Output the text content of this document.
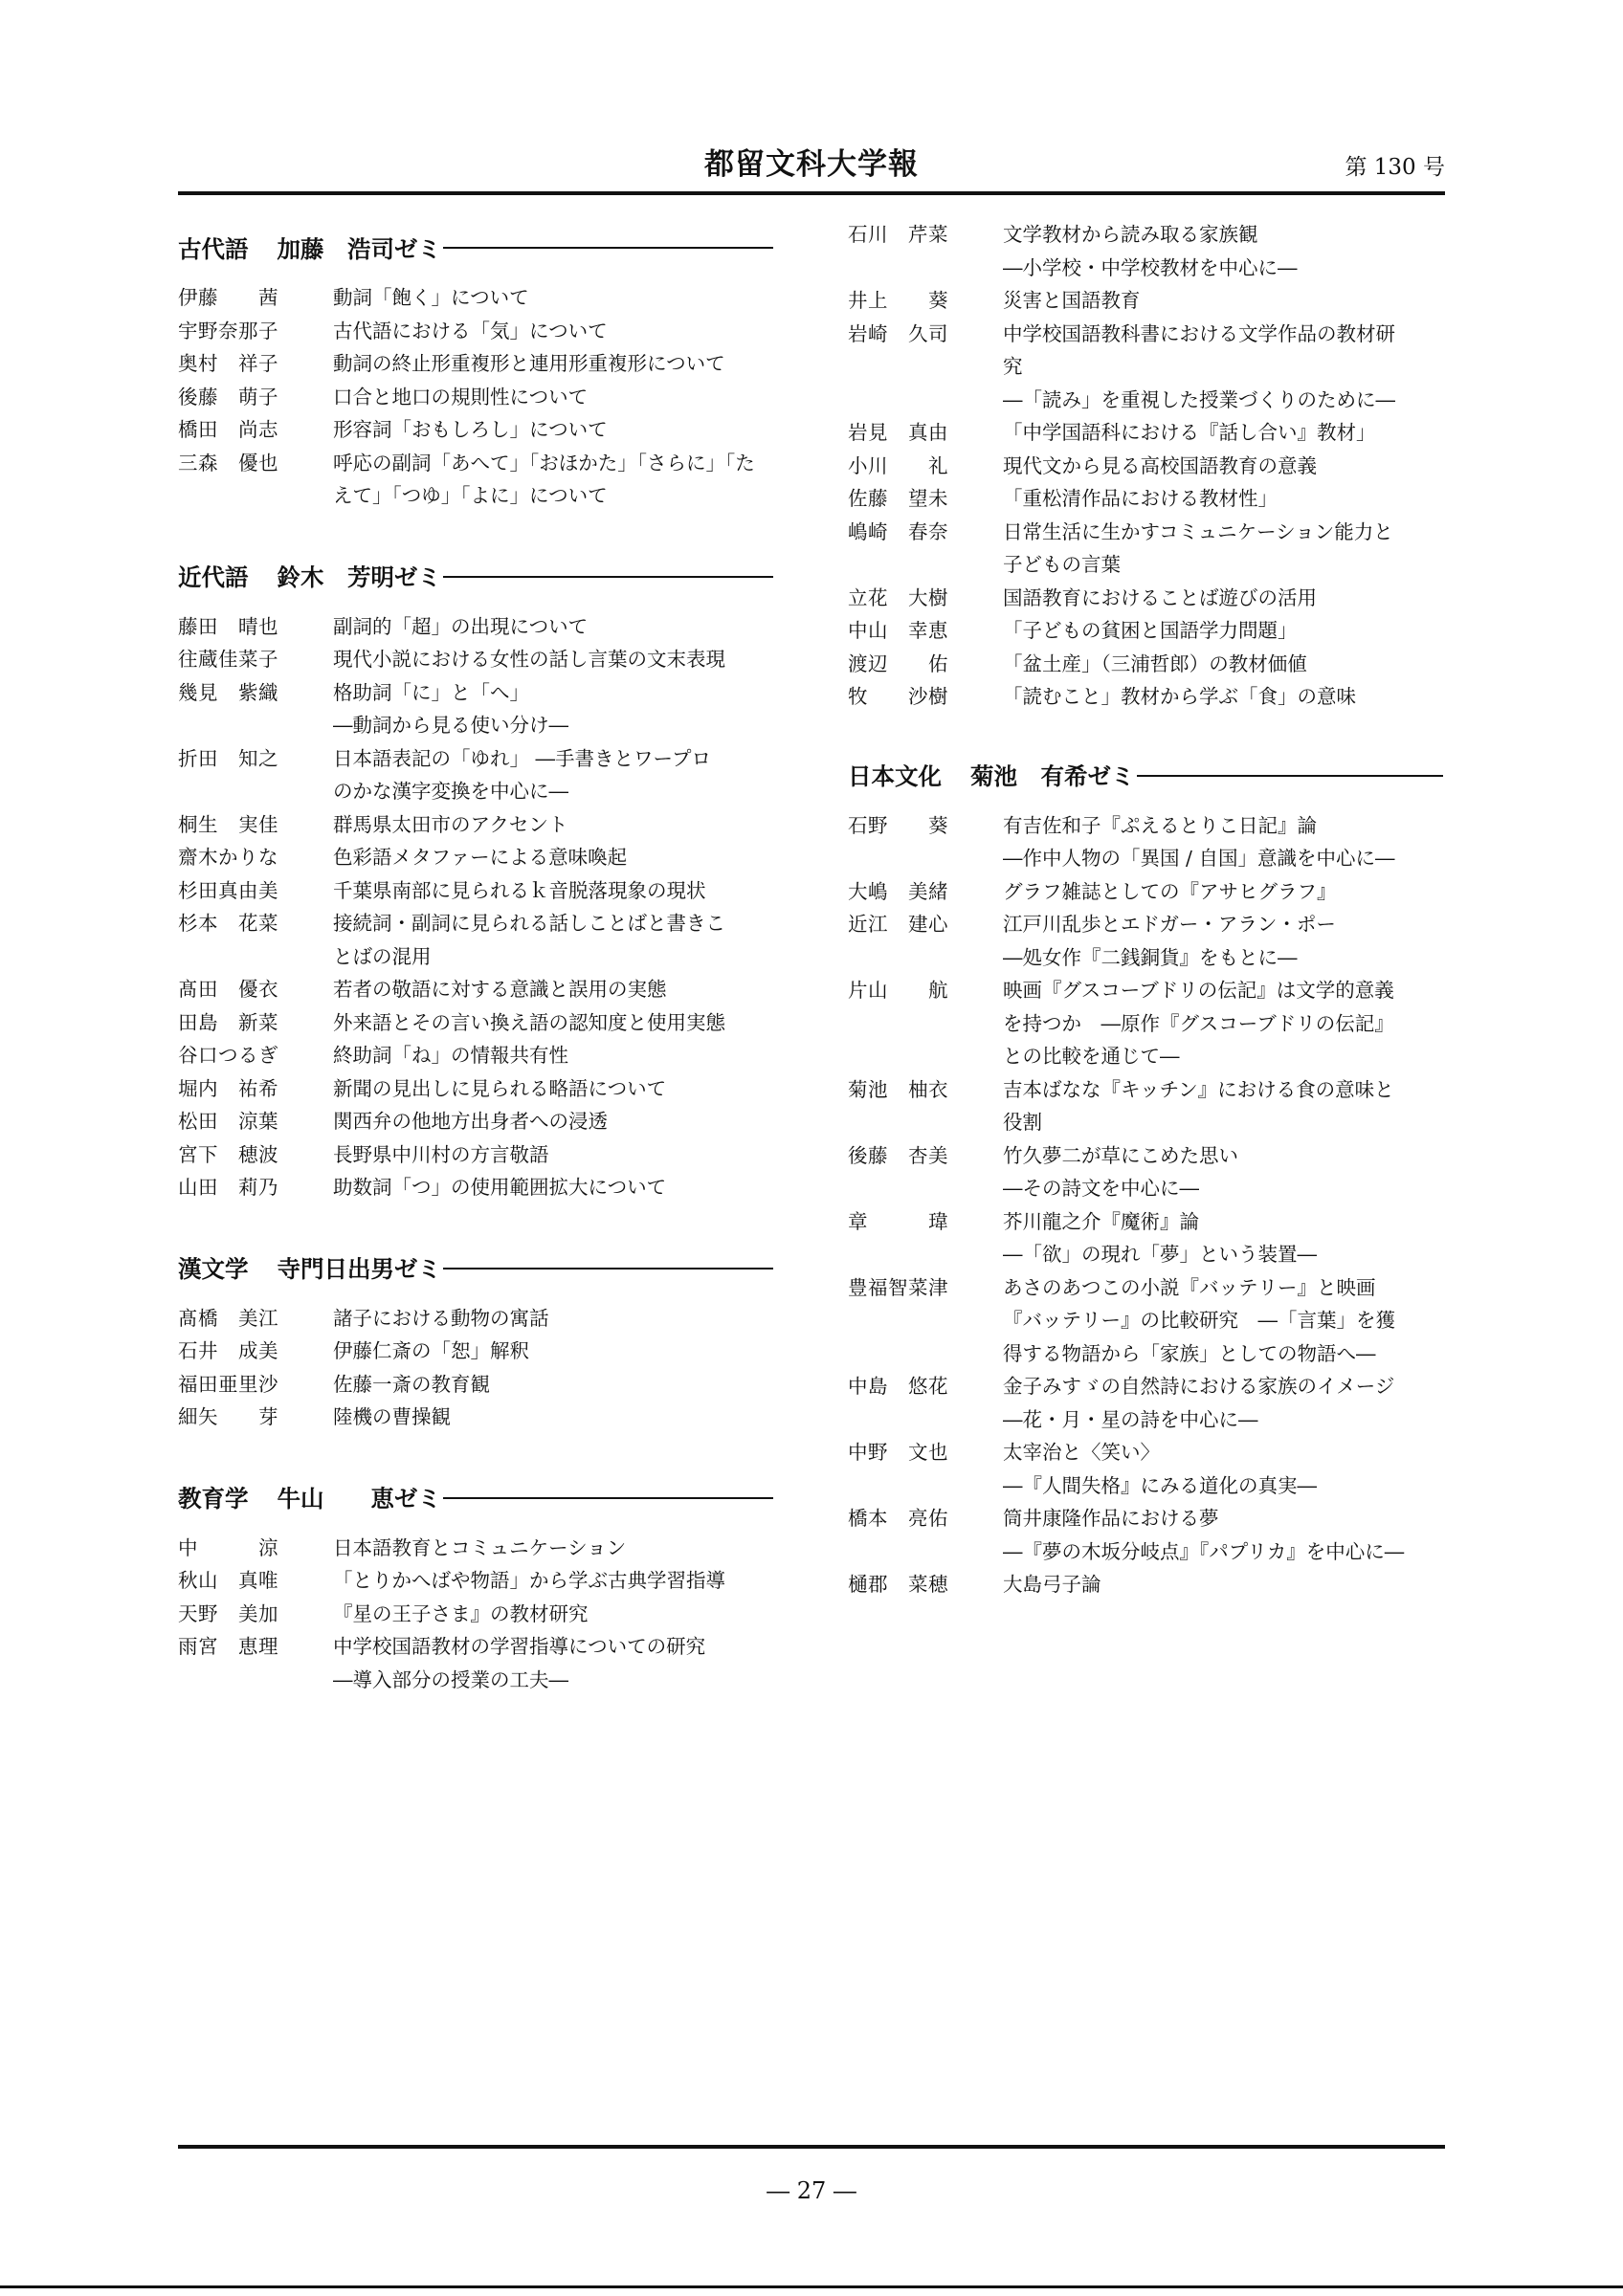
都留文科大学報	第 130 号
古代語 加藤　浩司ゼミ
伊藤　　茜	動詞「飽く」について
宇野奈那子	古代語における「気」について
奥村　祥子	動詞の終止形重複形と連用形重複形について
後藤　萌子	口合と地口の規則性について
橋田　尚志	形容詞「おもしろし」について
三森　優也	呼応の副詞「あへて」「おほかた」「さらに」「た
えて」「つゆ」「よに」について
近代語 鈴木　芳明ゼミ
藤田　晴也	副詞的「超」の出現について
往蔵佳菜子	現代小説における女性の話し言葉の文末表現
幾見　紫織	格助詞「に」と「へ」
―動詞から見る使い分け―
折田　知之	日本語表記の「ゆれ」 ―手書きとワープロ
のかな漢字変換を中心に―
桐生　実佳	群馬県太田市のアクセント
齋木かりな	色彩語メタファーによる意味喚起
杉田真由美	千葉県南部に見られるｋ音脱落現象の現状
杉本　花菜	接続詞・副詞に見られる話しことばと書きこ
とばの混用
髙田　優衣	若者の敬語に対する意識と誤用の実態
田島　新菜	外来語とその言い換え語の認知度と使用実態
谷口つるぎ	終助詞「ね」の情報共有性
堀内　祐希	新聞の見出しに見られる略語について
松田　涼葉	関西弁の他地方出身者への浸透
宮下　穂波	長野県中川村の方言敬語
山田　莉乃	助数詞「つ」の使用範囲拡大について
漢文学 寺門日出男ゼミ
髙橋　美江	諸子における動物の寓話
石井　成美	伊藤仁斎の「恕」解釈
福田亜里沙	佐藤一斎の教育観
細矢　　芽	陸機の曹操観
教育学 牛山　　恵ゼミ
中　　　涼	日本語教育とコミュニケーション
秋山　真唯	「とりかへばや物語」から学ぶ古典学習指導
天野　美加	『星の王子さま』の教材研究
雨宮　恵理	中学校国語教材の学習指導についての研究
―導入部分の授業の工夫―
石川　芹菜	文学教材から読み取る家族観
―小学校・中学校教材を中心に―
井上　　葵	災害と国語教育
岩崎　久司	中学校国語教科書における文学作品の教材研
究
―「読み」を重視した授業づくりのために―
岩見　真由	「中学国語科における『話し合い』教材」
小川　　礼	現代文から見る高校国語教育の意義
佐藤　望未	「重松清作品における教材性」
嶋崎　春奈	日常生活に生かすコミュニケーション能力と
子どもの言葉
立花　大樹	国語教育におけることば遊びの活用
中山　幸恵	「子どもの貧困と国語学力問題」
渡辺　　佑	「盆土産」（三浦哲郎）の教材価値
牧　　沙樹	「読むこと」教材から学ぶ「食」の意味
日本文化 菊池　有希ゼミ
石野　　葵	有吉佐和子『ぷえるとりこ日記』論
―作中人物の「異国 / 自国」意識を中心に―
大嶋　美緒	グラフ雑誌としての『アサヒグラフ』
近江　建心	江戸川乱歩とエドガー・アラン・ポー
―処女作『二銭銅貨』をもとに―
片山　　航	映画『グスコーブドリの伝記』は文学的意義
を持つか　―原作『グスコーブドリの伝記』
との比較を通じて―
菊池　柚衣	吉本ばなな『キッチン』における食の意味と
役割
後藤　杏美	竹久夢二が草にこめた思い
―その詩文を中心に―
章　　　瑋	芥川龍之介『魔術』論
―「欲」の現れ「夢」という装置―
豊福智菜津	あさのあつこの小説『バッテリー』と映画
『バッテリー』の比較研究　―「言葉」を獲
得する物語から「家族」としての物語へ―
中島　悠花	金子みすゞの自然詩における家族のイメージ
―花・月・星の詩を中心に―
中野　文也	太宰治と〈笑い〉
―『人間失格』にみる道化の真実―
橋本　亮佑	筒井康隆作品における夢
―『夢の木坂分岐点』『パプリカ』を中心に―
樋郡　菜穂	大島弓子論
― 27 ―
